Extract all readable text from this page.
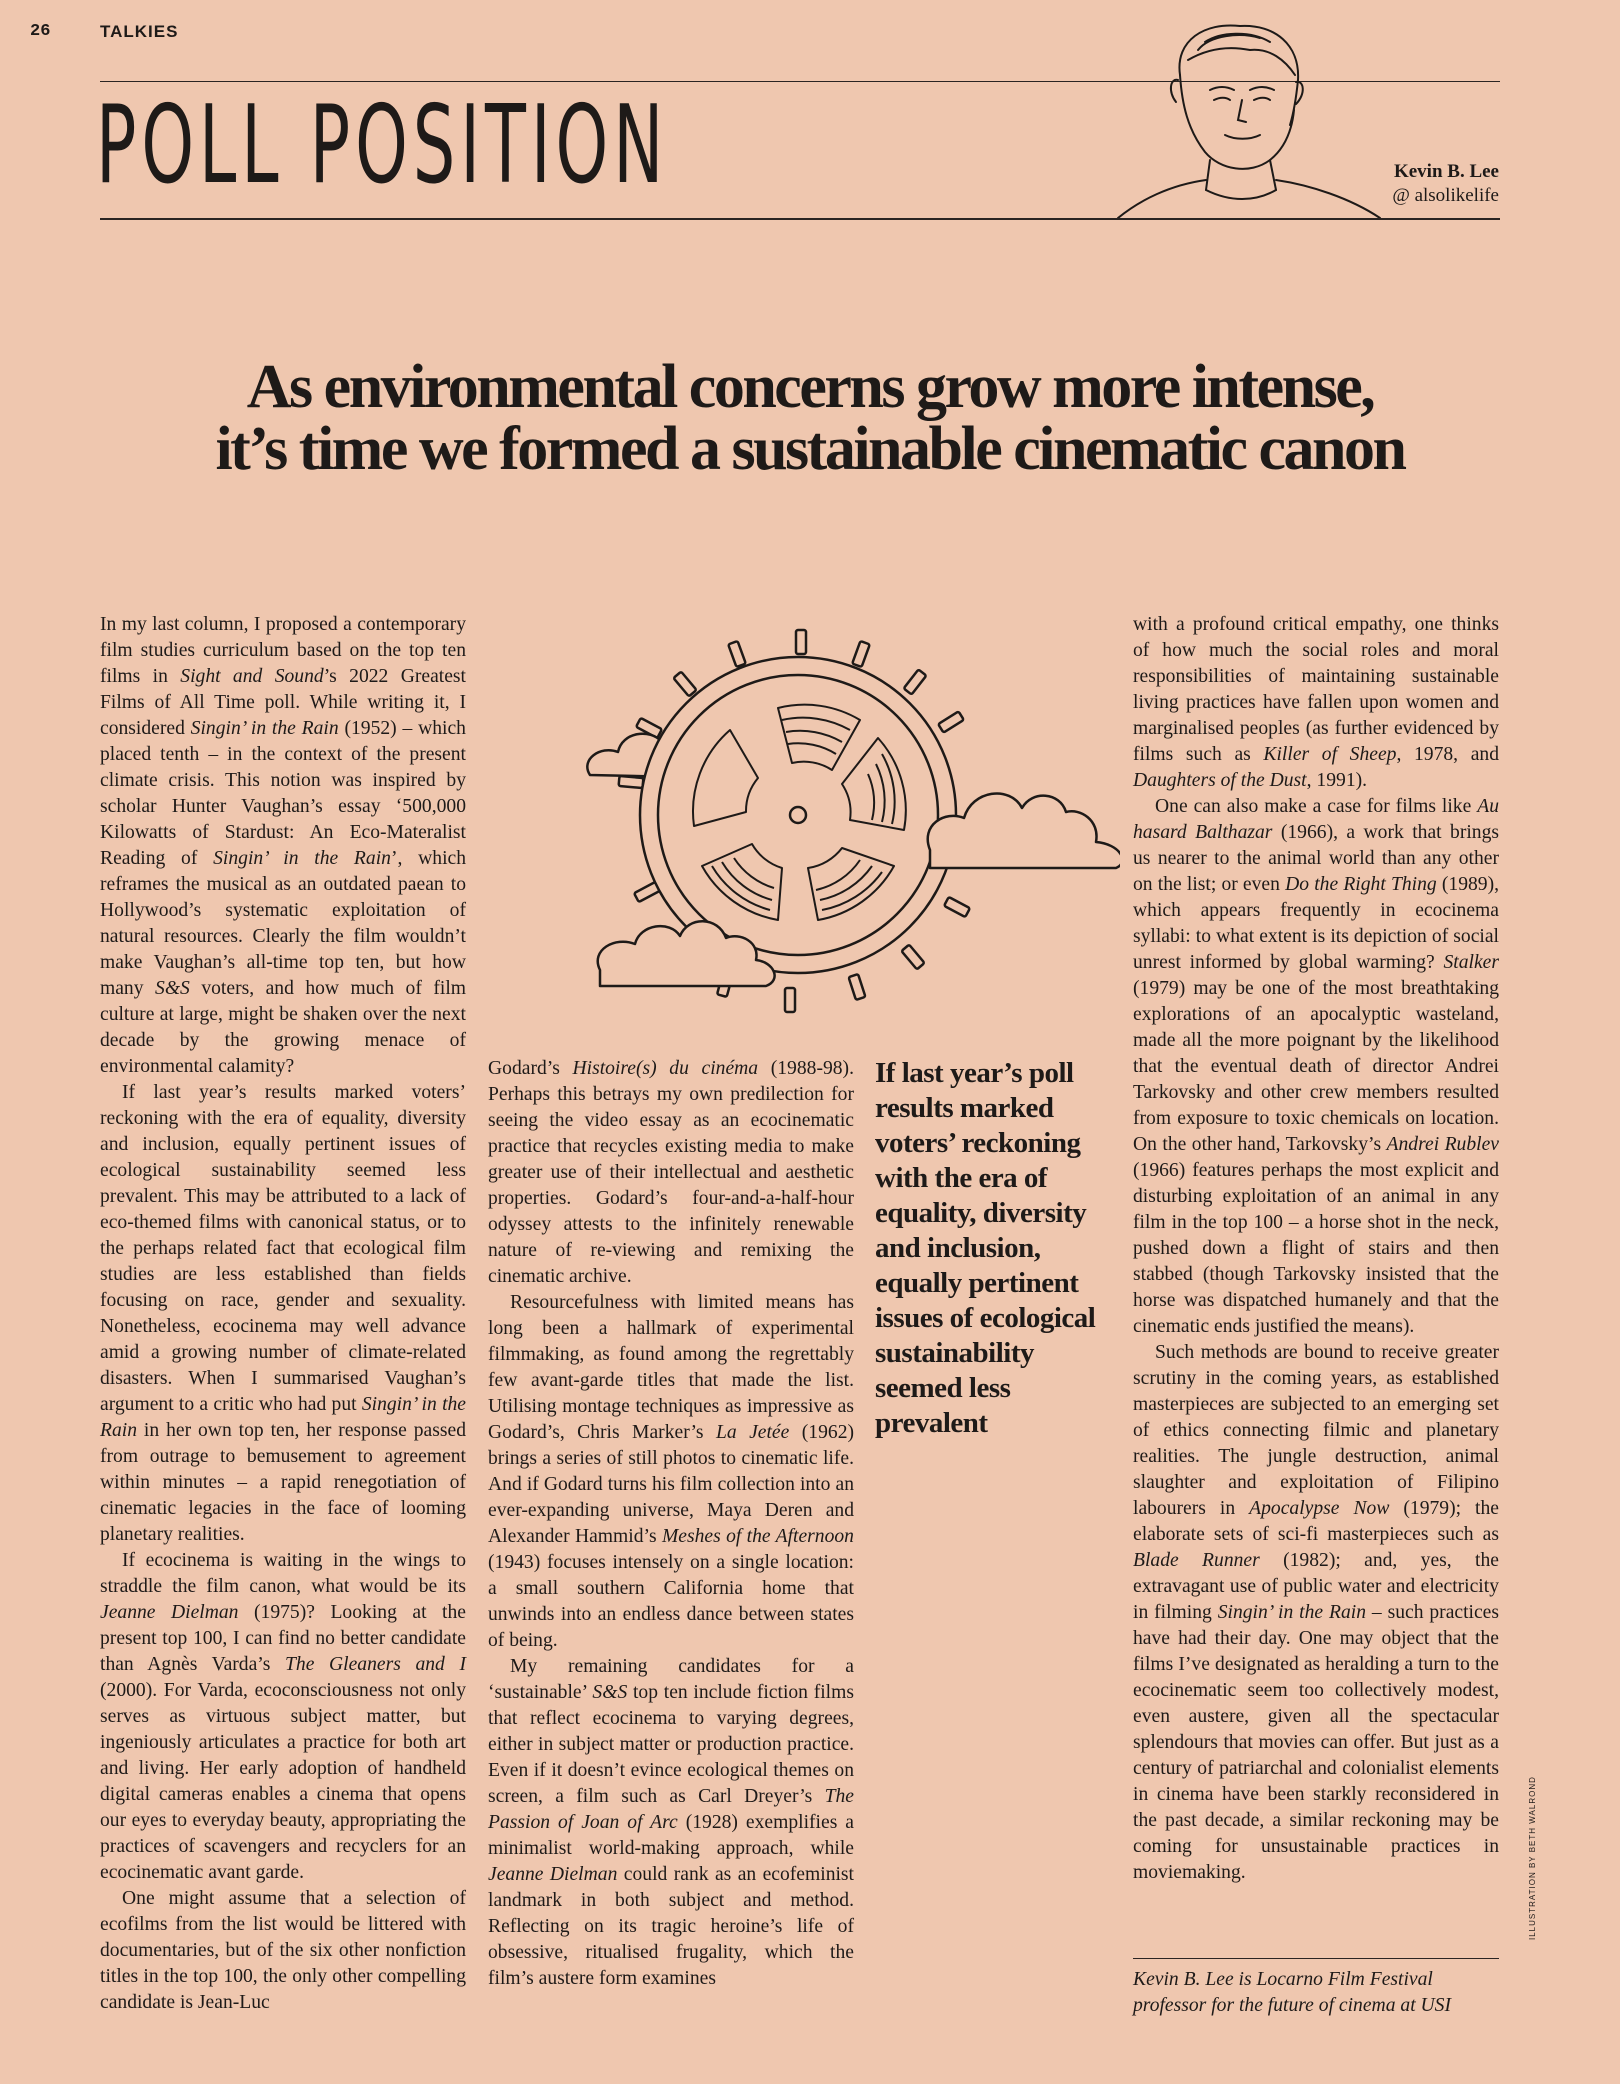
26	TALKIES
POLL POSITION	Kevin B. Lee
@ alsolikelife
As environmental concerns grow more intense,
it’s time we formed a sustainable cinematic canon

In my last column, I proposed a contemporary film studies curriculum based on the top ten films in Sight and Sound’s 2022 Greatest Films of All Time poll. While writing it, I considered Singin’ in the Rain (1952) – which placed tenth – in the context of the present climate crisis. This notion was inspired by scholar Hunter Vaughan’s essay ‘500,000 Kilowatts of Stardust: An Eco-Materalist Reading of Singin’ in the Rain’, which reframes the musical as an outdated paean to Hollywood’s systematic exploitation of natural resources. Clearly the film wouldn’t make Vaughan’s all-time top ten, but how many S&S voters, and how much of film culture at large, might be shaken over the next decade by the growing menace of environmental calamity?

If last year’s results marked voters’ reckoning with the era of equality, diversity and inclusion, equally pertinent issues of ecological sustainability seemed less prevalent. This may be attributed to a lack of eco-themed films with canonical status, or to the perhaps related fact that ecological film studies are less established than fields focusing on race, gender and sexuality. Nonetheless, ecocinema may well advance amid a growing number of climate-related disasters. When I summarised Vaughan’s argument to a critic who had put Singin’ in the Rain in her own top ten, her response passed from outrage to bemusement to agreement within minutes – a rapid renegotiation of cinematic legacies in the face of looming planetary realities.

If ecocinema is waiting in the wings to straddle the film canon, what would be its Jeanne Dielman (1975)? Looking at the present top 100, I can find no better candidate than Agnès Varda’s The Gleaners and I (2000). For Varda, ecoconsciousness not only serves as virtuous subject matter, but ingeniously articulates a practice for both art and living. Her early adoption of handheld digital cameras enables a cinema that opens our eyes to everyday beauty, appropriating the practices of scavengers and recyclers for an ecocinematic avant garde.

One might assume that a selection of ecofilms from the list would be littered with documentaries, but of the six other nonfiction titles in the top 100, the only other compelling candidate is Jean-Luc

Godard’s Histoire(s) du cinéma (1988-98). Perhaps this betrays my own predilection for seeing the video essay as an ecocinematic practice that recycles existing media to make greater use of their intellectual and aesthetic properties. Godard’s four-and-a-half-hour odyssey attests to the infinitely renewable nature of re-viewing and remixing the cinematic archive.

Resourcefulness with limited means has long been a hallmark of experimental filmmaking, as found among the regrettably few avant-garde titles that made the list. Utilising montage techniques as impressive as Godard’s, Chris Marker’s La Jetée (1962) brings a series of still photos to cinematic life. And if Godard turns his film collection into an ever-expanding universe, Maya Deren and Alexander Hammid’s Meshes of the Afternoon (1943) focuses intensely on a single location: a small southern California home that unwinds into an endless dance between states of being.

My remaining candidates for a ‘sustainable’ S&S top ten include fiction films that reflect ecocinema to varying degrees, either in subject matter or production practice. Even if it doesn’t evince ecological themes on screen, a film such as Carl Dreyer’s The Passion of Joan of Arc (1928) exemplifies a minimalist world-making approach, while Jeanne Dielman could rank as an ecofeminist landmark in both subject and method. Reflecting on its tragic heroine’s life of obsessive, ritualised frugality, which the film’s austere form examines

If last year’s poll results marked voters’ reckoning with the era of equality, diversity and inclusion, equally pertinent issues of ecological sustainability seemed less prevalent

with a profound critical empathy, one thinks of how much the social roles and moral responsibilities of maintaining sustainable living practices have fallen upon women and marginalised peoples (as further evidenced by films such as Killer of Sheep, 1978, and Daughters of the Dust, 1991).

One can also make a case for films like Au hasard Balthazar (1966), a work that brings us nearer to the animal world than any other on the list; or even Do the Right Thing (1989), which appears frequently in ecocinema syllabi: to what extent is its depiction of social unrest informed by global warming? Stalker (1979) may be one of the most breathtaking explorations of an apocalyptic wasteland, made all the more poignant by the likelihood that the eventual death of director Andrei Tarkovsky and other crew members resulted from exposure to toxic chemicals on location. On the other hand, Tarkovsky’s Andrei Rublev (1966) features perhaps the most explicit and disturbing exploitation of an animal in any film in the top 100 – a horse shot in the neck, pushed down a flight of stairs and then stabbed (though Tarkovsky insisted that the horse was dispatched humanely and that the cinematic ends justified the means).

Such methods are bound to receive greater scrutiny in the coming years, as established masterpieces are subjected to an emerging set of ethics connecting filmic and planetary realities. The jungle destruction, animal slaughter and exploitation of Filipino labourers in Apocalypse Now (1979); the elaborate sets of sci-fi masterpieces such as Blade Runner (1982); and, yes, the extravagant use of public water and electricity in filming Singin’ in the Rain – such practices have had their day. One may object that the films I’ve designated as heralding a turn to the ecocinematic seem too collectively modest, even austere, given all the spectacular splendours that movies can offer. But just as a century of patriarchal and colonialist elements in cinema have been starkly reconsidered in the past decade, a similar reckoning may be coming for unsustainable practices in moviemaking.

Kevin B. Lee is Locarno Film Festival professor for the future of cinema at USI
ILLUSTRATION BY BETH WALROND
